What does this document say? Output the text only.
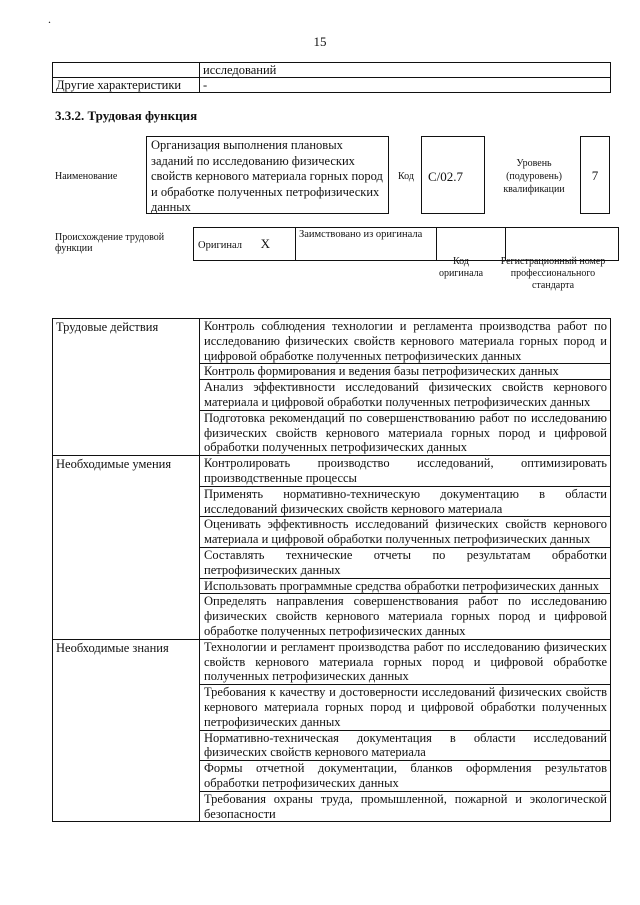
.
15
	исследований
Другие характеристики	-
3.3.2. Трудовая функция
Наименование
Организация выполнения плановых заданий по исследованию физических свойств кернового материала горных пород и обработке полученных петрофизических данных
Код	C/02.7
Уровень (подуровень) квалификации
7
Происхождение трудовой функции	Оригинал X	Заимствовано из оригинала		
Код оригинала
Регистрационный номер профессионального стандарта
Трудовые действия	Контроль соблюдения технологии и регламента производства работ по исследованию физических свойств кернового материала горных пород и цифровой обработке полученных петрофизических данных
	Контроль формирования и ведения базы петрофизических данных
	Анализ эффективности исследований физических свойств кернового материала и цифровой обработки полученных петрофизических данных
	Подготовка рекомендаций по совершенствованию работ по исследованию физических свойств кернового материала горных пород и цифровой обработки полученных петрофизических данных
Необходимые умения	Контролировать производство исследований, оптимизировать производственные процессы
	Применять нормативно-техническую документацию в области исследований физических свойств кернового материала
	Оценивать эффективность исследований физических свойств кернового материала и цифровой обработки полученных петрофизических данных
	Составлять технические отчеты по результатам обработки петрофизических данных
	Использовать программные средства обработки петрофизических данных
	Определять направления совершенствования работ по исследованию физических свойств кернового материала горных пород и цифровой обработке полученных петрофизических данных
Необходимые знания	Технологии и регламент производства работ по исследованию физических свойств кернового материала горных пород и цифровой обработке полученных петрофизических данных
	Требования к качеству и достоверности исследований физических свойств кернового материала горных пород и цифровой обработки полученных петрофизических данных
	Нормативно-техническая документация в области исследований физических свойств кернового материала
	Формы отчетной документации, бланков оформления результатов обработки петрофизических данных
	Требования охраны труда, промышленной, пожарной и экологической безопасности
